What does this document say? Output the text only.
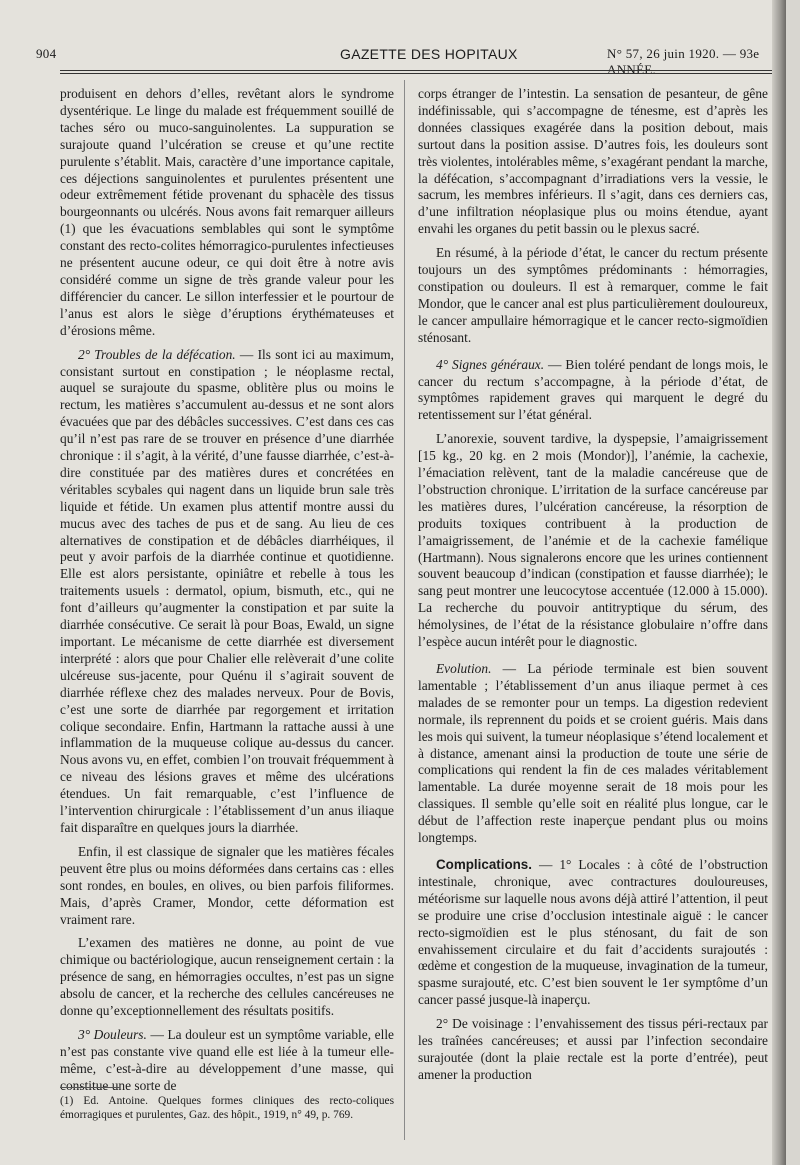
904	GAZETTE DES HOPITAUX	N° 57, 26 juin 1920. — 93e ANNÉE.

produisent en dehors d’elles, revêtant alors le syndrome dysentérique. Le linge du malade est fréquemment souillé de taches séro ou muco-sanguinolentes. La suppuration se surajoute quand l’ulcération se creuse et qu’une rectite purulente s’établit. Mais, caractère d’une importance capitale, ces déjections sanguinolentes et purulentes présentent une odeur extrêmement fétide provenant du sphacèle des tissus bourgeonnants ou ulcérés. Nous avons fait remarquer ailleurs (1) que les évacuations semblables qui sont le symptôme constant des recto-colites hémorragico-purulentes infectieuses ne présentent aucune odeur, ce qui doit être à notre avis considéré comme un signe de très grande valeur pour les différencier du cancer. Le sillon interfessier et le pourtour de l’anus est alors le siège d’éruptions érythémateuses et d’érosions même.

2° Troubles de la défécation. — Ils sont ici au maximum, consistant surtout en constipation ; le néoplasme rectal, auquel se surajoute du spasme, oblitère plus ou moins le rectum, les matières s’accumulent au-dessus et ne sont alors évacuées que par des débâcles successives. C’est dans ces cas qu’il n’est pas rare de se trouver en présence d’une diarrhée chronique : il s’agit, à la vérité, d’une fausse diarrhée, c’est-à-dire constituée par des matières dures et concrétées en véritables scybales qui nagent dans un liquide brun sale très liquide et fétide. Un examen plus attentif montre aussi du mucus avec des taches de pus et de sang. Au lieu de ces alternatives de constipation et de débâcles diarrhéiques, il peut y avoir parfois de la diarrhée continue et quotidienne. Elle est alors persistante, opiniâtre et rebelle à tous les traitements usuels : dermatol, opium, bismuth, etc., qui ne font d’ailleurs qu’augmenter la constipation et par suite la diarrhée consécutive. Ce serait là pour Boas, Ewald, un signe important. Le mécanisme de cette diarrhée est diversement interprété : alors que pour Chalier elle relèverait d’une colite ulcéreuse sus-jacente, pour Quénu il s’agirait souvent de diarrhée réflexe chez des malades nerveux. Pour de Bovis, c’est une sorte de diarrhée par regorgement et irritation colique secondaire. Enfin, Hartmann la rattache aussi à une inflammation de la muqueuse colique au-dessus du cancer. Nous avons vu, en effet, combien l’on trouvait fréquemment à ce niveau des lésions graves et même des ulcérations étendues. Un fait remarquable, c’est l’influence de l’intervention chirurgicale : l’établissement d’un anus iliaque fait disparaître en quelques jours la diarrhée.

Enfin, il est classique de signaler que les matières fécales peuvent être plus ou moins déformées dans certains cas : elles sont rondes, en boules, en olives, ou bien parfois filiformes. Mais, d’après Cramer, Mondor, cette déformation est vraiment rare.

L’examen des matières ne donne, au point de vue chimique ou bactériologique, aucun renseignement certain : la présence de sang, en hémorragies occultes, n’est pas un signe absolu de cancer, et la recherche des cellules cancéreuses ne donne qu’exceptionnellement des résultats positifs.

3° Douleurs. — La douleur est un symptôme variable, elle n’est pas constante vive quand elle est liée à la tumeur elle-même, c’est-à-dire au développement d’une masse, qui constitue une sorte de

(1) Ed. Antoine. Quelques formes cliniques des recto-coliques émorragiques et purulentes, Gaz. des hôpit., 1919, n° 49, p. 769.

corps étranger de l’intestin. La sensation de pesanteur, de gêne indéfinissable, qui s’accompagne de ténesme, est d’après les données classiques exagérée dans la position debout, mais surtout dans la position assise. D’autres fois, les douleurs sont très violentes, intolérables même, s’exagérant pendant la marche, la défécation, s’accompagnant d’irradiations vers la vessie, le sacrum, les membres inférieurs. Il s’agit, dans ces derniers cas, d’une infiltration néoplasique plus ou moins étendue, ayant envahi les organes du petit bassin ou le plexus sacré.

En résumé, à la période d’état, le cancer du rectum présente toujours un des symptômes prédominants : hémorragies, constipation ou douleurs. Il est à remarquer, comme le fait Mondor, que le cancer anal est plus particulièrement douloureux, le cancer ampullaire hémorragique et le cancer recto-sigmoïdien sténosant.

4° Signes généraux. — Bien toléré pendant de longs mois, le cancer du rectum s’accompagne, à la période d’état, de symptômes rapidement graves qui marquent le degré du retentissement sur l’état général.

L’anorexie, souvent tardive, la dyspepsie, l’amaigrissement [15 kg., 20 kg. en 2 mois (Mondor)], l’anémie, la cachexie, l’émaciation relèvent, tant de la maladie cancéreuse que de l’obstruction chronique. L’irritation de la surface cancéreuse par les matières dures, l’ulcération cancéreuse, la résorption de produits toxiques contribuent à la production de l’amaigrissement, de l’anémie et de la cachexie famélique (Hartmann). Nous signalerons encore que les urines contiennent souvent beaucoup d’indican (constipation et fausse diarrhée); le sang peut montrer une leucocytose accentuée (12.000 à 15.000). La recherche du pouvoir antitryptique du sérum, des hémolysines, de l’état de la résistance globulaire n’offre dans l’espèce aucun intérêt pour le diagnostic.

Evolution. — La période terminale est bien souvent lamentable ; l’établissement d’un anus iliaque permet à ces malades de se remonter pour un temps. La digestion redevient normale, ils reprennent du poids et se croient guéris. Mais dans les mois qui suivent, la tumeur néoplasique s’étend localement et à distance, amenant ainsi la production de toute une série de complications qui rendent la fin de ces malades véritablement lamentable. La durée moyenne serait de 18 mois pour les classiques. Il semble qu’elle soit en réalité plus longue, car le début de l’affection reste inaperçue pendant plus ou moins longtemps.

Complications. — 1° Locales : à côté de l’obstruction intestinale, chronique, avec contractures douloureuses, météorisme sur laquelle nous avons déjà attiré l’attention, il peut se produire une crise d’occlusion intestinale aiguë : le cancer recto-sigmoïdien est le plus sténosant, du fait de son envahissement circulaire et du fait d’accidents surajoutés : œdème et congestion de la muqueuse, invagination de la tumeur, spasme surajouté, etc. C’est bien souvent le 1er symptôme d’un cancer passé jusque-là inaperçu.

2° De voisinage : l’envahissement des tissus péri-rectaux par les traînées cancéreuses; et aussi par l’infection secondaire surajoutée (dont la plaie rectale est la porte d’entrée), peut amener la production
